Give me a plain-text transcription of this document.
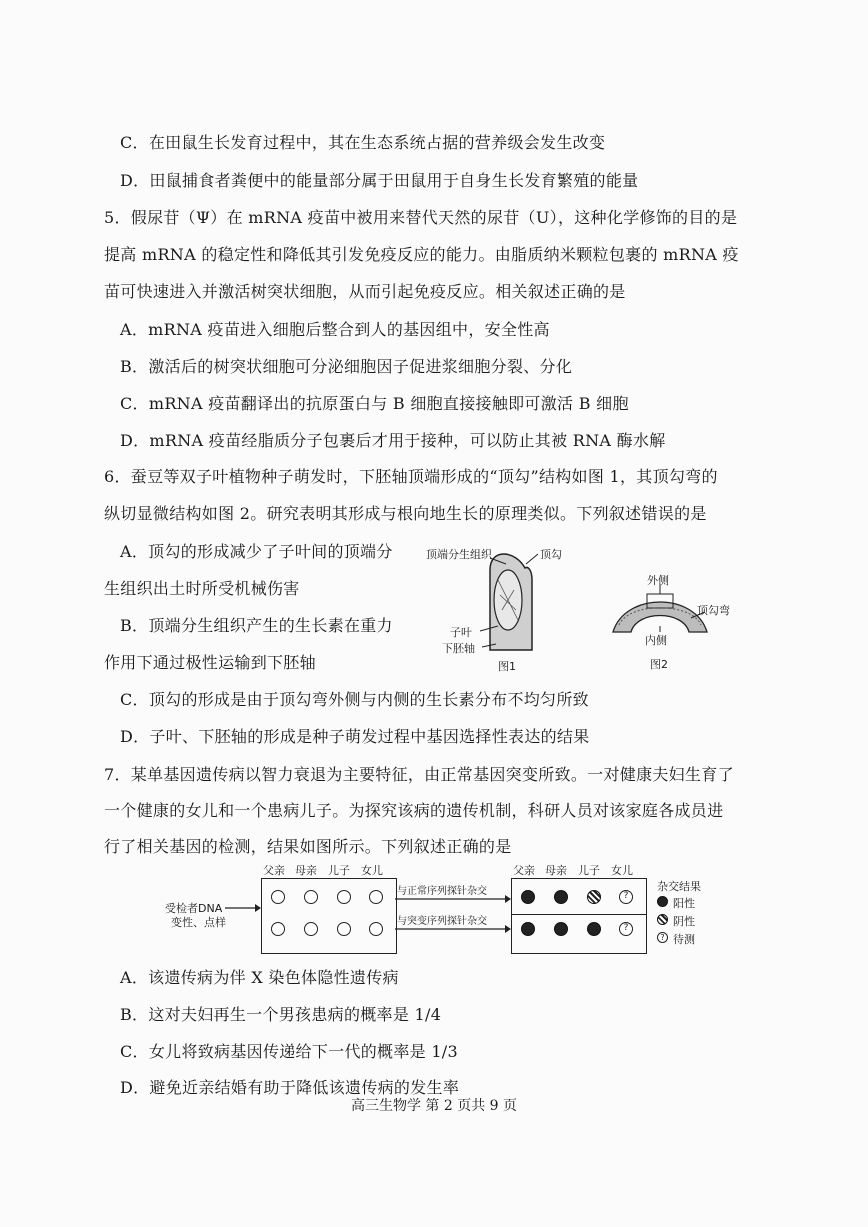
C．在田鼠生长发育过程中，其在生态系统占据的营养级会发生改变
D．田鼠捕食者粪便中的能量部分属于田鼠用于自身生长发育繁殖的能量
5．假尿苷（Ψ）在 mRNA 疫苗中被用来替代天然的尿苷（U），这种化学修饰的目的是
提高 mRNA 的稳定性和降低其引发免疫反应的能力。由脂质纳米颗粒包裹的 mRNA 疫
苗可快速进入并激活树突状细胞，从而引起免疫反应。相关叙述正确的是
A．mRNA 疫苗进入细胞后整合到人的基因组中，安全性高
B．激活后的树突状细胞可分泌细胞因子促进浆细胞分裂、分化
C．mRNA 疫苗翻译出的抗原蛋白与 B 细胞直接接触即可激活 B 细胞
D．mRNA 疫苗经脂质分子包裹后才用于接种，可以防止其被 RNA 酶水解
6．蚕豆等双子叶植物种子萌发时，下胚轴顶端形成的“顶勾”结构如图 1，其顶勾弯的
纵切显微结构如图 2。研究表明其形成与根向地生长的原理类似。下列叙述错误的是
A．顶勾的形成减少了子叶间的顶端分
生组织出土时所受机械伤害
B．顶端分生组织产生的生长素在重力
作用下通过极性运输到下胚轴
C．顶勾的形成是由于顶勾弯外侧与内侧的生长素分布不均匀所致
D．子叶、下胚轴的形成是种子萌发过程中基因选择性表达的结果
顶端分生组织	顶勾
子叶
下胚轴
图1
外侧
顶勾弯
内侧
图2
7．某单基因遗传病以智力衰退为主要特征，由正常基因突变所致。一对健康夫妇生育了
一个健康的女儿和一个患病儿子。为探究该病的遗传机制，科研人员对该家庭各成员进
行了相关基因的检测，结果如图所示。下列叙述正确的是
受检者DNA
变性、点样
父亲 母亲 儿子 女儿
与正常序列探针杂交
与突变序列探针杂交
父亲 母亲 儿子 女儿
?
?
杂交结果
阳性
阴性
? 待测
A．该遗传病为伴 X 染色体隐性遗传病
B．这对夫妇再生一个男孩患病的概率是 1/4
C．女儿将致病基因传递给下一代的概率是 1/3
D．避免近亲结婚有助于降低该遗传病的发生率
高三生物学 第 2 页共 9 页
